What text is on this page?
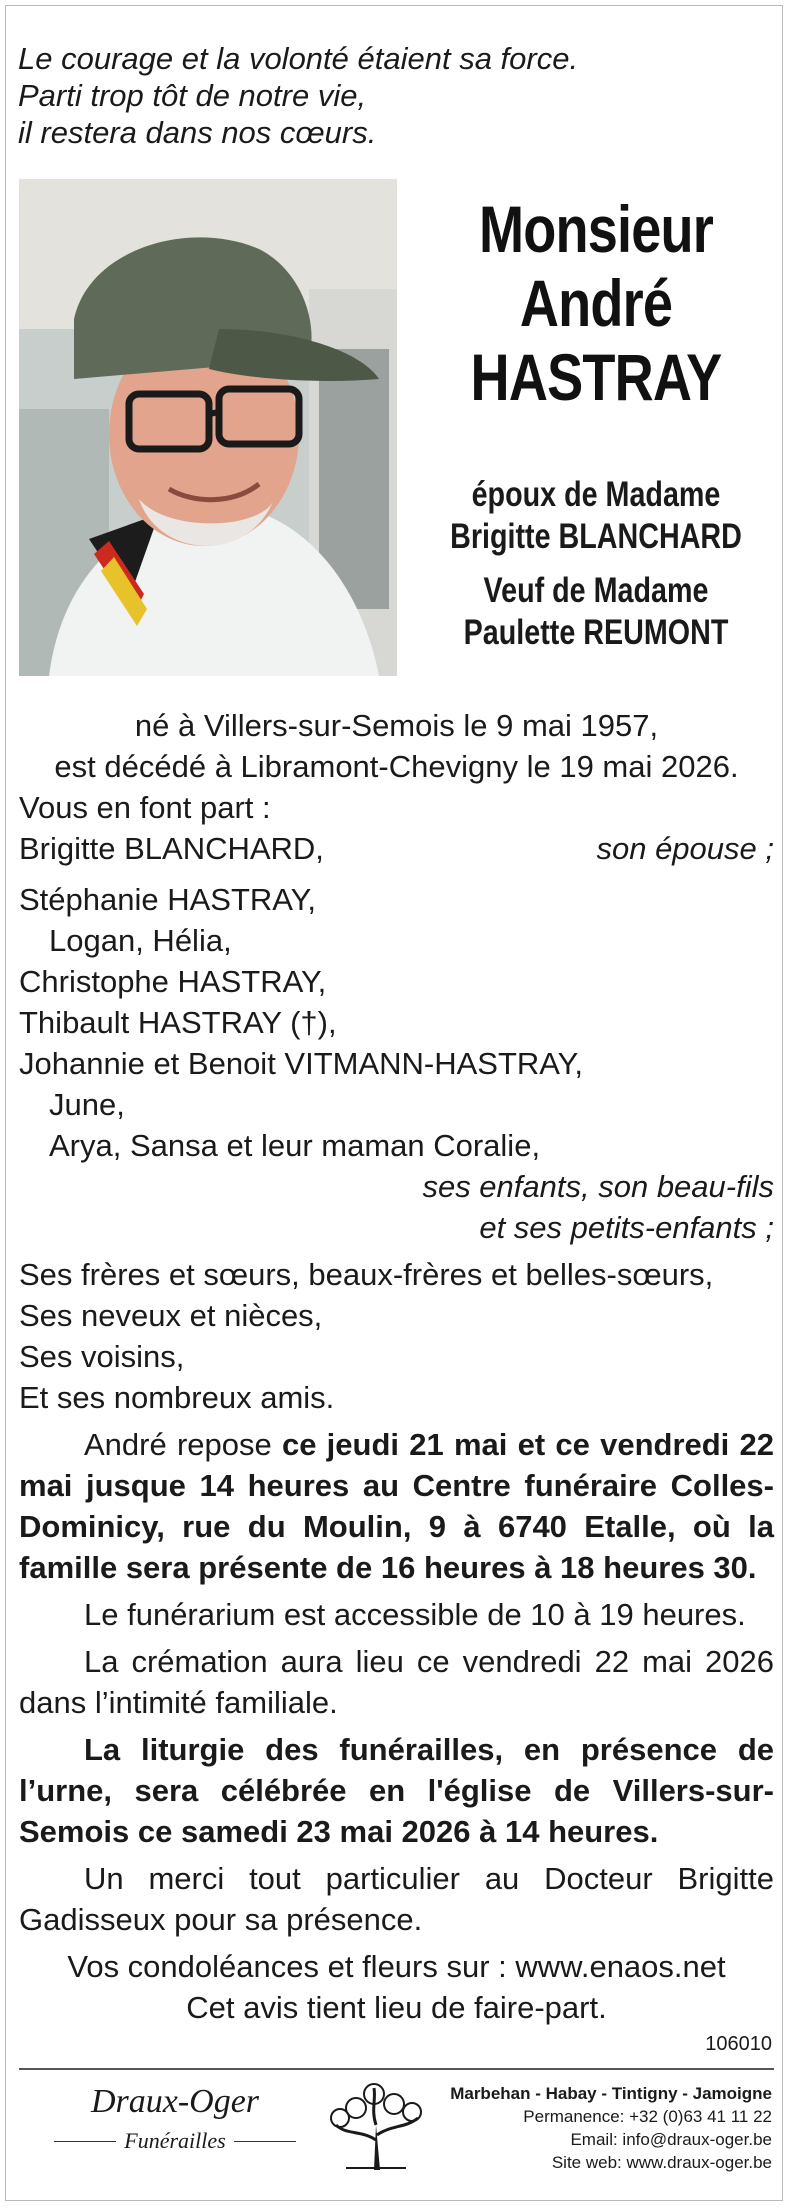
Le courage et la volonté étaient sa force.
Parti trop tôt de notre vie,
il restera dans nos cœurs.
Monsieur
André
HASTRAY
époux de Madame
Brigitte BLANCHARD
Veuf de Madame
Paulette REUMONT
né à Villers-sur-Semois le 9 mai 1957,
est décédé à Libramont-Chevigny le 19 mai 2026.
Vous en font part :
Brigitte BLANCHARD,	son épouse ;
Stéphanie HASTRAY,
Logan, Hélia,
Christophe HASTRAY,
Thibault HASTRAY (†),
Johannie et Benoit VITMANN-HASTRAY,
June,
Arya, Sansa et leur maman Coralie,
ses enfants, son beau-fils
et ses petits-enfants ;
Ses frères et sœurs, beaux-frères et belles-sœurs,
Ses neveux et nièces,
Ses voisins,
Et ses nombreux amis.
André repose ce jeudi 21 mai et ce vendredi 22 mai jusque 14 heures au Centre funéraire Colles-Dominicy, rue du Moulin, 9 à 6740 Etalle, où la famille sera présente de 16 heures à 18 heures 30.
Le funérarium est accessible de 10 à 19 heures.
La crémation aura lieu ce vendredi 22 mai 2026 dans l’intimité familiale.
La liturgie des funérailles, en présence de l’urne, sera célébrée en l'église de Villers-sur-Semois ce samedi 23 mai 2026 à 14 heures.
Un merci tout particulier au Docteur Brigitte Gadisseux pour sa présence.
Vos condoléances et fleurs sur : www.enaos.net
Cet avis tient lieu de faire-part.
106010
Draux-Oger
Funérailles
Marbehan - Habay - Tintigny - Jamoigne
Permanence: +32 (0)63 41 11 22
Email: info@draux-oger.be
Site web: www.draux-oger.be
